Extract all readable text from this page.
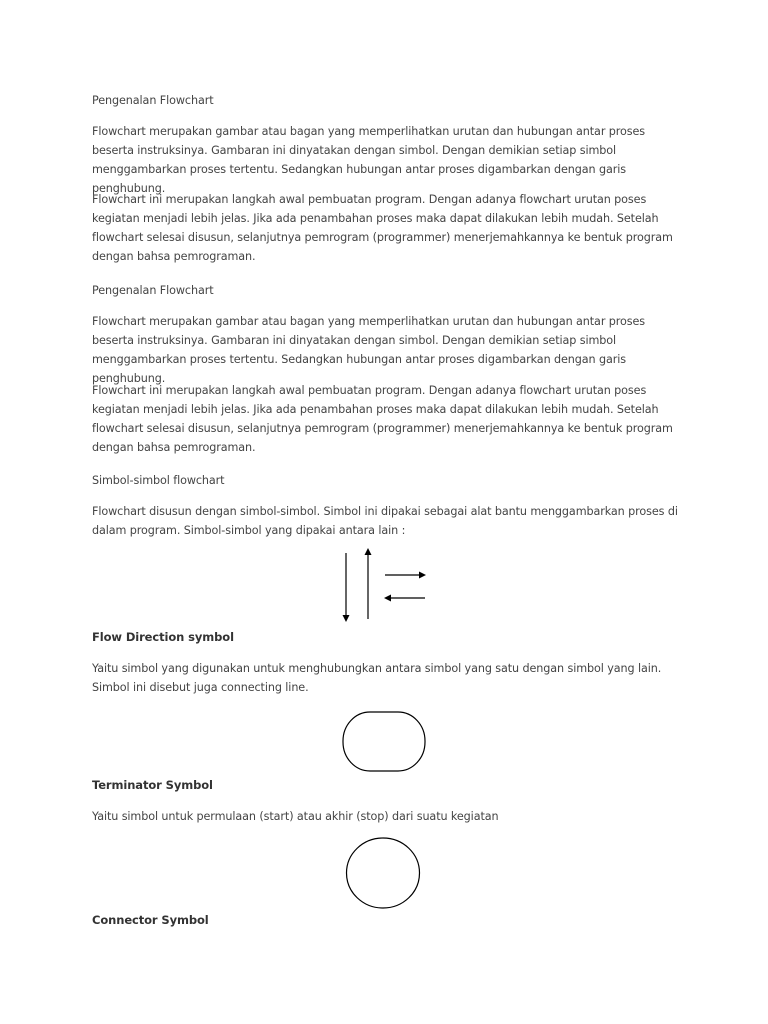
Pengenalan Flowchart

Flowchart merupakan gambar atau bagan yang memperlihatkan urutan dan hubungan antar proses beserta instruksinya. Gambaran ini dinyatakan dengan simbol. Dengan demikian setiap simbol menggambarkan proses tertentu. Sedangkan hubungan antar proses digambarkan dengan garis penghubung.

Flowchart ini merupakan langkah awal pembuatan program. Dengan adanya flowchart urutan poses kegiatan menjadi lebih jelas. Jika ada penambahan proses maka dapat dilakukan lebih mudah. Setelah flowchart selesai disusun, selanjutnya pemrogram (programmer) menerjemahkannya ke bentuk program dengan bahsa pemrograman.

Pengenalan Flowchart

Flowchart merupakan gambar atau bagan yang memperlihatkan urutan dan hubungan antar proses beserta instruksinya. Gambaran ini dinyatakan dengan simbol. Dengan demikian setiap simbol menggambarkan proses tertentu. Sedangkan hubungan antar proses digambarkan dengan garis penghubung.

Flowchart ini merupakan langkah awal pembuatan program. Dengan adanya flowchart urutan poses kegiatan menjadi lebih jelas. Jika ada penambahan proses maka dapat dilakukan lebih mudah. Setelah flowchart selesai disusun, selanjutnya pemrogram (programmer) menerjemahkannya ke bentuk program dengan bahsa pemrograman.

Simbol-simbol flowchart

Flowchart disusun dengan simbol-simbol. Simbol ini dipakai sebagai alat bantu menggambarkan proses di dalam program. Simbol-simbol yang dipakai antara lain :

Flow Direction symbol

Yaitu simbol yang digunakan untuk menghubungkan antara simbol yang satu dengan simbol yang lain. Simbol ini disebut juga connecting line.

Terminator Symbol

Yaitu simbol untuk permulaan (start) atau akhir (stop) dari suatu kegiatan

Connector Symbol
